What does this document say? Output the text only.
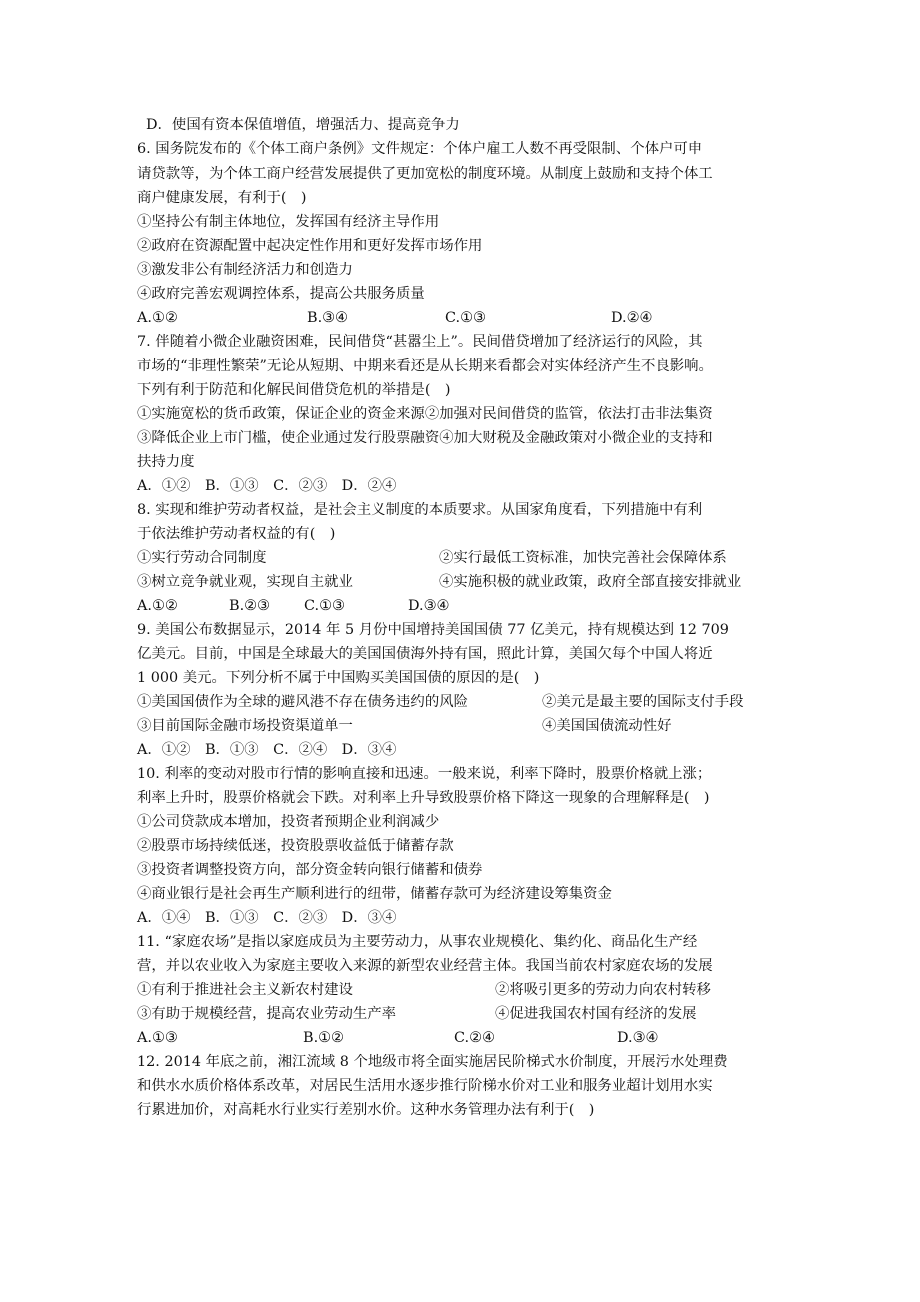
D．使国有资本保值增值，增强活力、提高竞争力
6. 国务院发布的《个体工商户条例》文件规定：个体户雇工人数不再受限制、个体户可申
请贷款等，为个体工商户经营发展提供了更加宽松的制度环境。从制度上鼓励和支持个体工
商户健康发展，有利于(　)
①坚持公有制主体地位，发挥国有经济主导作用
②政府在资源配置中起决定性作用和更好发挥市场作用
③激发非公有制经济活力和创造力
④政府完善宏观调控体系，提高公共服务质量
A.①②	B.③④	C.①③	D.②④
7. 伴随着小微企业融资困难，民间借贷“甚嚣尘上”。民间借贷增加了经济运行的风险，其
市场的“非理性繁荣”无论从短期、中期来看还是从长期来看都会对实体经济产生不良影响。
下列有利于防范和化解民间借贷危机的举措是(　)
①实施宽松的货币政策，保证企业的资金来源②加强对民间借贷的监管，依法打击非法集资
③降低企业上市门槛，使企业通过发行股票融资④加大财税及金融政策对小微企业的支持和
扶持力度
A．①②　B．①③　C．②③　D．②④
8. 实现和维护劳动者权益，是社会主义制度的本质要求。从国家角度看，下列措施中有利
于依法维护劳动者权益的有(　)
①实行劳动合同制度	②实行最低工资标准，加快完善社会保障体系
③树立竞争就业观，实现自主就业	④实施积极的就业政策，政府全部直接安排就业
A.①②	B.②③ C.①③	D.③④
9. 美国公布数据显示，2014 年 5 月份中国增持美国国债 77 亿美元，持有规模达到 12 709
亿美元。目前，中国是全球最大的美国国债海外持有国，照此计算，美国欠每个中国人将近
1 000 美元。下列分析不属于中国购买美国国债的原因的是(　)
①美国国债作为全球的避风港不存在债务违约的风险	②美元是最主要的国际支付手段
③目前国际金融市场投资渠道单一	④美国国债流动性好
A．①②　B．①③　C．②④　D．③④
10. 利率的变动对股市行情的影响直接和迅速。一般来说，利率下降时，股票价格就上涨；
利率上升时，股票价格就会下跌。对利率上升导致股票价格下降这一现象的合理解释是(　)
①公司贷款成本增加，投资者预期企业利润减少
②股票市场持续低迷，投资股票收益低于储蓄存款
③投资者调整投资方向，部分资金转向银行储蓄和债券
④商业银行是社会再生产顺利进行的纽带，储蓄存款可为经济建设筹集资金
A．①④　B．①③　C．②③　D．③④
11. “家庭农场”是指以家庭成员为主要劳动力，从事农业规模化、集约化、商品化生产经
营，并以农业收入为家庭主要收入来源的新型农业经营主体。我国当前农村家庭农场的发展
①有利于推进社会主义新农村建设	②将吸引更多的劳动力向农村转移
③有助于规模经营，提高农业劳动生产率	④促进我国农村国有经济的发展
A.①③	B.①②	C.②④	D.③④
12. 2014 年底之前，湘江流域 8 个地级市将全面实施居民阶梯式水价制度，开展污水处理费
和供水水质价格体系改革，对居民生活用水逐步推行阶梯水价对工业和服务业超计划用水实
行累进加价，对高耗水行业实行差别水价。这种水务管理办法有利于(　)
